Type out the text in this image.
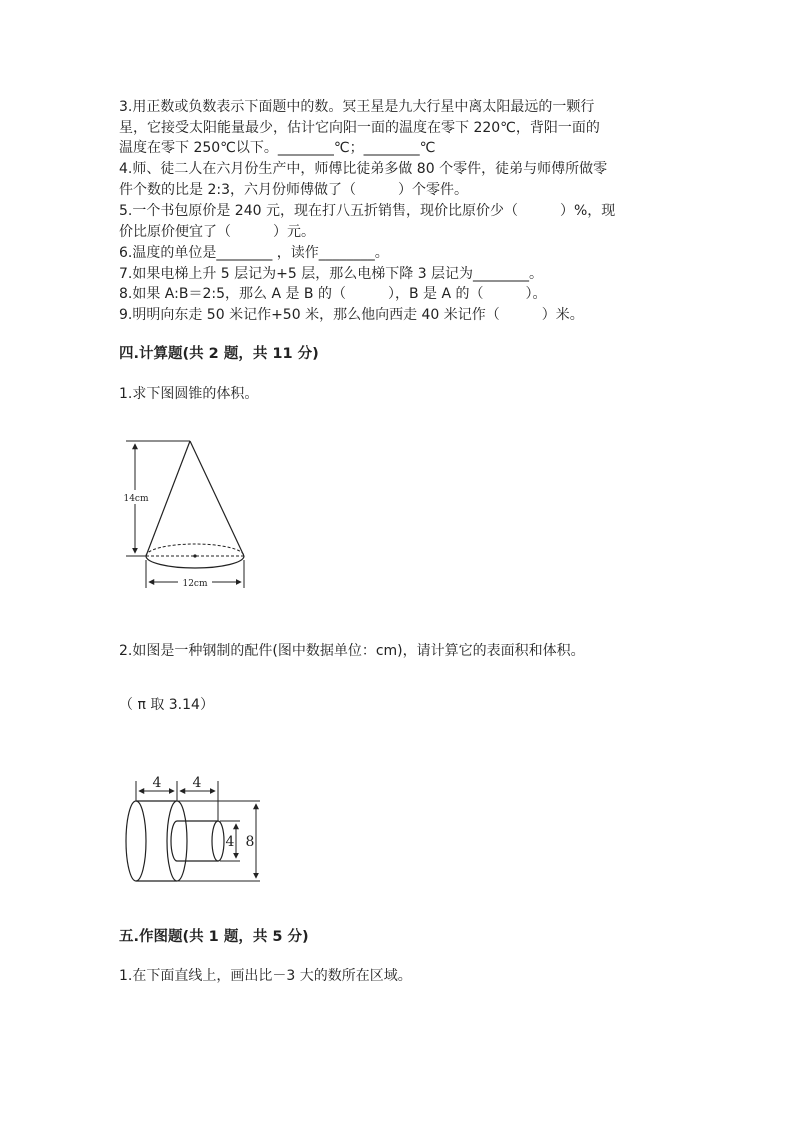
3.用正数或负数表示下面题中的数。冥王星是九大行星中离太阳最远的一颗行

星，它接受太阳能量最少，估计它向阳一面的温度在零下 220℃，背阳一面的

温度在零下 250℃以下。________℃；________℃

4.师、徒二人在六月份生产中，师傅比徒弟多做 80 个零件，徒弟与师傅所做零

件个数的比是 2:3，六月份师傅做了（　　　）个零件。

5.一个书包原价是 240 元，现在打八五折销售，现价比原价少（　　　）%，现

价比原价便宜了（　　　）元。

6.温度的单位是________ ，读作________。

7.如果电梯上升 5 层记为+5 层，那么电梯下降 3 层记为________。

8.如果 A:B＝2:5，那么 A 是 B 的（　　　），B 是 A 的（　　　）。

9.明明向东走 50 米记作+50 米，那么他向西走 40 米记作（　　　）米。

四.计算题(共 2 题，共 11 分)

1.求下图圆锥的体积。

14cm
12cm

2.如图是一种钢制的配件(图中数据单位：cm)，请计算它的表面积和体积。

（ π 取 3.14）

4 4
4 8

五.作图题(共 1 题，共 5 分)

1.在下面直线上，画出比－3 大的数所在区域。
